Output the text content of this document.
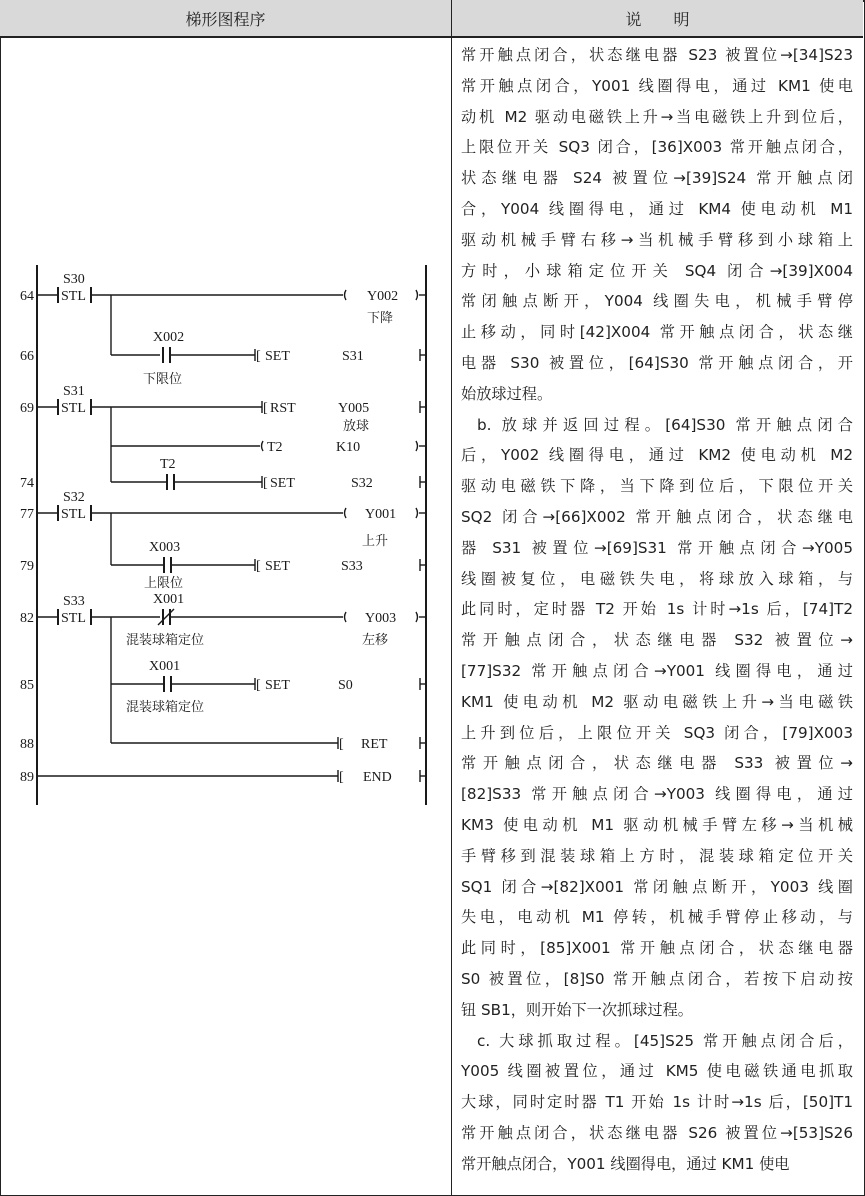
梯形图程序	说　　明
[
[
[
[
[
[
[
64
66
69
74
77
79
82
85
88
89
S30
STL
S31
STL
S32
STL
S33
STL
X002
T2
X003
X001
X001
SET	S31
RST	Y005
T2	K10
SET	S32
SET	S33
SET	S0
RET
END
Y002
Y001
Y003
下降
下限位
放球
上升
上限位
混装球箱定位	左移
混装球箱定位
常开触点闭合，状态继电器 S23 被置位→[34]S23
常开触点闭合，Y001 线圈得电，通过 KM1 使电
动机 M2 驱动电磁铁上升→当电磁铁上升到位后，
上限位开关 SQ3 闭合，[36]X003 常开触点闭合，
状态继电器 S24 被置位→[39]S24 常开触点闭
合，Y004 线圈得电，通过 KM4 使电动机 M1
驱动机械手臂右移→当机械手臂移到小球箱上
方时，小球箱定位开关 SQ4 闭合→[39]X004
常闭触点断开，Y004 线圈失电，机械手臂停
止移动，同时[42]X004 常开触点闭合，状态继
电器 S30 被置位，[64]S30 常开触点闭合，开
始放球过程。
b. 放球并返回过程。[64]S30 常开触点闭合
后，Y002 线圈得电，通过 KM2 使电动机 M2
驱动电磁铁下降，当下降到位后，下限位开关
SQ2 闭合→[66]X002 常开触点闭合，状态继电
器 S31 被置位→[69]S31 常开触点闭合→Y005
线圈被复位，电磁铁失电，将球放入球箱，与
此同时，定时器 T2 开始 1s 计时→1s 后，[74]T2
常开触点闭合，状态继电器 S32 被置位→
[77]S32 常开触点闭合→Y001 线圈得电，通过
KM1 使电动机 M2 驱动电磁铁上升→当电磁铁
上升到位后，上限位开关 SQ3 闭合，[79]X003
常开触点闭合，状态继电器 S33 被置位→
[82]S33 常开触点闭合→Y003 线圈得电，通过
KM3 使电动机 M1 驱动机械手臂左移→当机械
手臂移到混装球箱上方时，混装球箱定位开关
SQ1 闭合→[82]X001 常闭触点断开，Y003 线圈
失电，电动机 M1 停转，机械手臂停止移动，与
此同时，[85]X001 常开触点闭合，状态继电器
S0 被置位，[8]S0 常开触点闭合，若按下启动按
钮 SB1，则开始下一次抓球过程。
c. 大球抓取过程。[45]S25 常开触点闭合后，
Y005 线圈被置位，通过 KM5 使电磁铁通电抓取
大球，同时定时器 T1 开始 1s 计时→1s 后，[50]T1
常开触点闭合，状态继电器 S26 被置位→[53]S26
常开触点闭合，Y001 线圈得电，通过 KM1 使电
